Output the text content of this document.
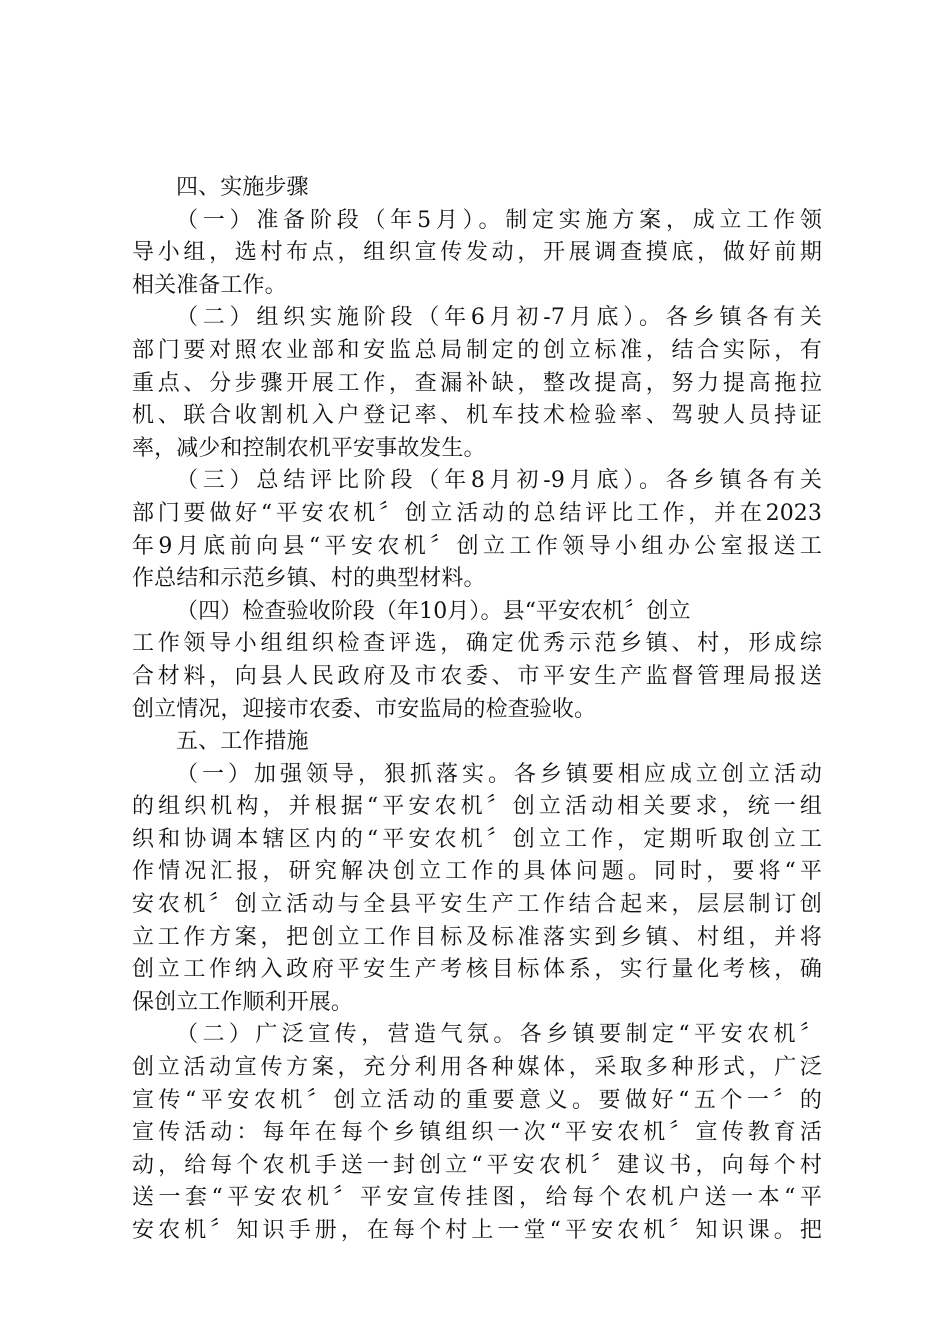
四、实施步骤
（一）准备阶段（年5月）。制定实施方案，成立工作领
导小组，选村布点，组织宣传发动，开展调查摸底，做好前期
相关准备工作。
（二）组织实施阶段（年6月初-7月底）。各乡镇各有关
部门要对照农业部和安监总局制定的创立标准，结合实际，有
重点、分步骤开展工作，查漏补缺，整改提高，努力提高拖拉
机、联合收割机入户登记率、机车技术检验率、驾驶人员持证
率，减少和控制农机平安事故发生。
（三）总结评比阶段（年8月初-9月底）。各乡镇各有关
部门要做好“平安农机〞创立活动的总结评比工作，并在2023
年9月底前向县“平安农机〞创立工作领导小组办公室报送工
作总结和示范乡镇、村的典型材料。
（四）检查验收阶段（年10月）。县“平安农机〞创立
工作领导小组组织检查评选，确定优秀示范乡镇、村，形成综
合材料，向县人民政府及市农委、市平安生产监督管理局报送
创立情况，迎接市农委、市安监局的检查验收。
五、工作措施
（一）加强领导，狠抓落实。各乡镇要相应成立创立活动
的组织机构，并根据“平安农机〞创立活动相关要求，统一组
织和协调本辖区内的“平安农机〞创立工作，定期听取创立工
作情况汇报，研究解决创立工作的具体问题。同时，要将“平
安农机〞创立活动与全县平安生产工作结合起来，层层制订创
立工作方案，把创立工作目标及标准落实到乡镇、村组，并将
创立工作纳入政府平安生产考核目标体系，实行量化考核，确
保创立工作顺利开展。
（二）广泛宣传，营造气氛。各乡镇要制定“平安农机〞
创立活动宣传方案，充分利用各种媒体，采取多种形式，广泛
宣传“平安农机〞创立活动的重要意义。要做好“五个一〞的
宣传活动：每年在每个乡镇组织一次“平安农机〞宣传教育活
动，给每个农机手送一封创立“平安农机〞建议书，向每个村
送一套“平安农机〞平安宣传挂图，给每个农机户送一本“平
安农机〞知识手册，在每个村上一堂“平安农机〞知识课。把
